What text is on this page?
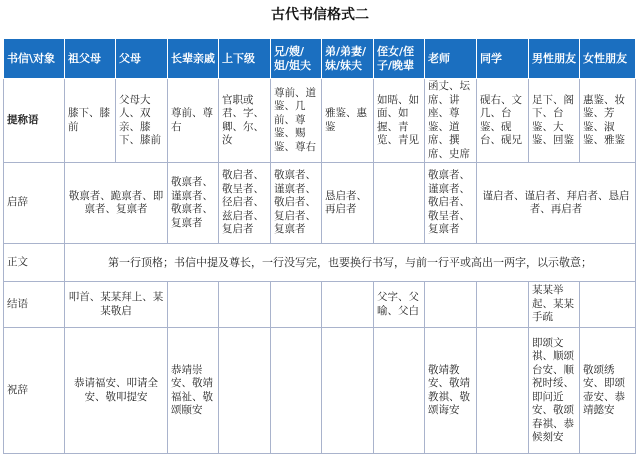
古代书信格式二
书信\对象	祖父母	父母	长辈亲戚	上下级	兄/嫂/姐/姐夫	弟/弟妻/妹/妹夫	侄女/侄子/晚辈	老师	同学	男性朋友	女性朋友
提称语	膝下、膝前	父母大人、双亲、膝下、膝前	尊前、尊右	官职或君、字、卿、尔、汝	尊前、道鉴、几前、尊鉴、赐鉴、尊右	雅鉴、惠鉴	如晤、如面、如握、青览、青见	函丈、坛席、讲座、尊鉴、道席、撰席、史席	砚右、文几、台鉴、砚台、砚兄	足下、阁下、台鉴、大鉴、回鉴	惠鉴、妆鉴、芳鉴、淑鉴、雅鉴
启辞	敬禀者、跪禀者、即禀者、复禀者		敬禀者、谨禀者、敬禀者、复禀者	敬启者、敬呈者、径启者、兹启者、复启者	敬禀者、谨禀者、敬启者、复启者、复禀者	恳启者、再启者		敬禀者、谨禀者、敬启者、敬呈者、复禀者	谨启者、谨启者、拜启者、恳启者、再启者		
正文	第一行顶格；书信中提及尊长，一行没写完，也要换行书写，与前一行平或高出一两字，以示敬意；										
结语	叩首、某某拜上、某某敬启						父字、父喻、父白			某某举起、某某手疏	
祝辞	恭请福安、叩请全安、敬叩提安		恭靖崇安、敬靖福祉、敬颂颐安					敬靖教安、敬靖教祺、敬颂诲安		即颂文祺、顺颂台安、顺祝时绥、即问近安、敬颂春祺、恭候刻安	敬颂绣安、即颂壶安、恭靖懿安
